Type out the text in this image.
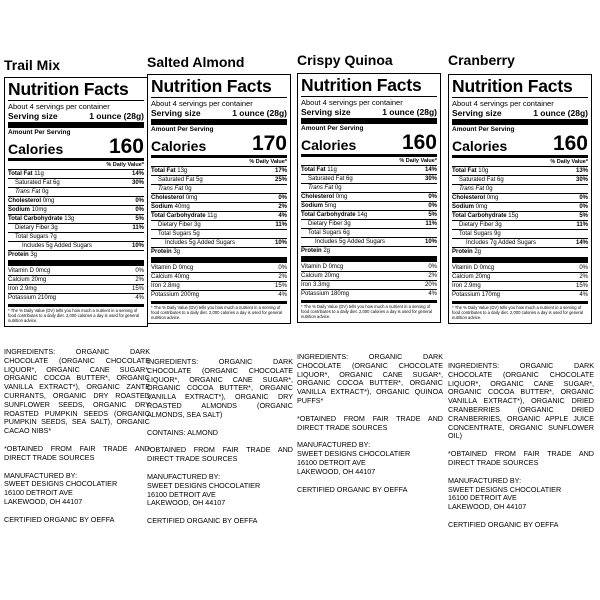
Trail Mix
Nutrition Facts
About 4 servings per container
Serving size	1 ounce (28g)
Amount Per Serving
Calories 160
% Daily Value*
Total Fat 11g	14%
Saturated Fat 6g	30%
Trans Fat 0g
Cholesterol 0mg	0%
Sodium 10mg	0%
Total Carbohydrate 13g	5%
Dietary Fiber 3g	11%
Total Sugars 7g
Includes 5g Added Sugars	10%
Protein 3g
Vitamin D 0mcg	0%
Calcium 20mg	2%
Iron 2.9mg	15%
Potassium 210mg	4%
* The % Daily Value (DV) tells you how much a nutrient in a serving of food contributes to a daily diet. 2,000 calories a day is used for general nutrition advice.

INGREDIENTS: ORGANIC DARK CHOCOLATE (ORGANIC CHOCOLATE LIQUOR*, ORGANIC CANE SUGAR*, ORGANIC COCOA BUTTER*, ORGANIC VANILLA EXTRACT*), ORGANIC ZANTE CURRANTS, ORGANIC DRY ROASTED SUNFLOWER SEEDS, ORGANIC DRY ROASTED PUMPKIN SEEDS (ORGANIC PUMPKIN SEEDS, SEA SALT), ORGANIC CACAO NIBS*

*OBTAINED FROM FAIR TRADE AND DIRECT TRADE SOURCES

MANUFACTURED BY:
SWEET DESIGNS CHOCOLATIER
16100 DETROIT AVE
LAKEWOOD, OH 44107

CERTIFIED ORGANIC BY OEFFA

Salted Almond
Nutrition Facts
About 4 servings per container
Serving size	1 ounce (28g)
Amount Per Serving
Calories 170
% Daily Value*
Total Fat 13g	17%
Saturated Fat 5g	25%
Trans Fat 0g
Cholesterol 0mg	0%
Sodium 40mg	2%
Total Carbohydrate 11g	4%
Dietary Fiber 3g	11%
Total Sugars 5g
Includes 5g Added Sugars	10%
Protein 3g
Vitamin D 0mcg	0%
Calcium 40mg	2%
Iron 2.8mg	15%
Potassium 200mg	4%
* The % Daily Value (DV) tells you how much a nutrient in a serving of food contributes to a daily diet. 2,000 calories a day is used for general nutrition advice.

INGREDIENTS: ORGANIC DARK CHOCOLATE (ORGANIC CHOCOLATE LIQUOR*, ORGANIC CANE SUGAR*, ORGANIC COCOA BUTTER*, ORGANIC VANILLA EXTRACT*), ORGANIC DRY ROASTED ALMONDS (ORGANIC ALMONDS, SEA SALT)

CONTAINS: ALMOND

*OBTAINED FROM FAIR TRADE AND DIRECT TRADE SOURCES

MANUFACTURED BY:
SWEET DESIGNS CHOCOLATIER
16100 DETROIT AVE
LAKEWOOD, OH 44107

CERTIFIED ORGANIC BY OEFFA

Crispy Quinoa
Nutrition Facts
About 4 servings per container
Serving size	1 ounce (28g)
Amount Per Serving
Calories 160
% Daily Value*
Total Fat 11g	14%
Saturated Fat 6g	30%
Trans Fat 0g
Cholesterol 0mg	0%
Sodium 5mg	0%
Total Carbohydrate 14g	5%
Dietary Fiber 3g	11%
Total Sugars 6g
Includes 5g Added Sugars	10%
Protein 2g
Vitamin D 0mcg	0%
Calcium 20mg	2%
Iron 3.3mg	20%
Potassium 180mg	4%
* The % Daily Value (DV) tells you how much a nutrient in a serving of food contributes to a daily diet. 2,000 calories a day is used for general nutrition advice.

INGREDIENTS: ORGANIC DARK CHOCOLATE (ORGANIC CHOCOLATE LIQUOR*, ORGANIC CANE SUGAR*, ORGANIC COCOA BUTTER*, ORGANIC VANILLA EXTRACT*), ORGANIC QUINOA PUFFS*

*OBTAINED FROM FAIR TRADE AND DIRECT TRADE SOURCES

MANUFACTURED BY:
SWEET DESIGNS CHOCOLATIER
16100 DETROIT AVE
LAKEWOOD, OH 44107

CERTIFIED ORGANIC BY OEFFA

Cranberry
Nutrition Facts
About 4 servings per container
Serving size	1 ounce (28g)
Amount Per Serving
Calories 160
% Daily Value*
Total Fat 10g	13%
Saturated Fat 6g	30%
Trans Fat 0g
Cholesterol 0mg	0%
Sodium 0mg	0%
Total Carbohydrate 15g	5%
Dietary Fiber 3g	11%
Total Sugars 9g
Includes 7g Added Sugars	14%
Protein 2g
Vitamin D 0mcg	0%
Calcium 20mg	2%
Iron 2.9mg	15%
Potassium 170mg	4%
* The % Daily Value (DV) tells you how much a nutrient in a serving of food contributes to a daily diet. 2,000 calories a day is used for general nutrition advice.

INGREDIENTS: ORGANIC DARK CHOCOLATE (ORGANIC CHOCOLATE LIQUOR*, ORGANIC CANE SUGAR*, ORGANIC COCOA BUTTER*, ORGANIC VANILLA EXTRACT*), ORGANIC DRIED CRANBERRIES (ORGANIC DRIED CRANBERRIES, ORGANIC APPLE JUICE CONCENTRATE, ORGANIC SUNFLOWER OIL)

*OBTAINED FROM FAIR TRADE AND DIRECT TRADE SOURCES

MANUFACTURED BY:
SWEET DESIGNS CHOCOLATIER
16100 DETROIT AVE
LAKEWOOD, OH 44107

CERTIFIED ORGANIC BY OEFFA
